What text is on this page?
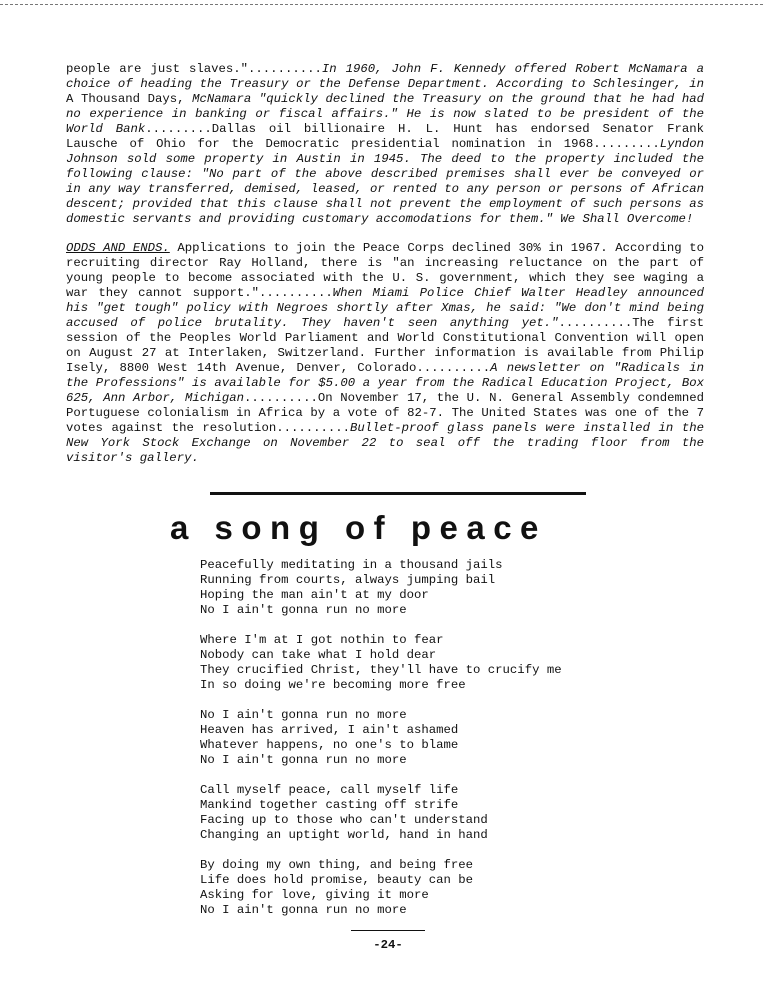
people are just slaves."..........In 1960, John F. Kennedy offered Robert McNamara a choice of heading the Treasury or the Defense Department. According to Schlesinger, in A Thousand Days, McNamara "quickly declined the Treasury on the ground that he had had no experience in banking or fiscal affairs." He is now slated to be president of the World Bank.........Dallas oil billionaire H. L. Hunt has endorsed Senator Frank Lausche of Ohio for the Democratic presidential nomination in 1968.........Lyndon Johnson sold some property in Austin in 1945. The deed to the property included the following clause: "No part of the above described premises shall ever be conveyed or in any way transferred, demised, leased, or rented to any person or persons of African descent; provided that this clause shall not prevent the employment of such persons as domestic servants and providing customary accomodations for them." We Shall Overcome!

ODDS AND ENDS. Applications to join the Peace Corps declined 30% in 1967. According to recruiting director Ray Holland, there is "an increasing reluctance on the part of young people to become associated with the U. S. government, which they see waging a war they cannot support."..........When Miami Police Chief Walter Headley announced his "get tough" policy with Negroes shortly after Xmas, he said: "We don't mind being accused of police brutality. They haven't seen anything yet."..........The first session of the Peoples World Parliament and World Constitutional Convention will open on August 27 at Interlaken, Switzerland. Further information is available from Philip Isely, 8800 West 14th Avenue, Denver, Colorado..........A newsletter on "Radicals in the Professions" is available for $5.00 a year from the Radical Education Project, Box 625, Ann Arbor, Michigan..........On November 17, the U. N. General Assembly condemned Portuguese colonialism in Africa by a vote of 82-7. The United States was one of the 7 votes against the resolution..........Bullet-proof glass panels were installed in the New York Stock Exchange on November 22 to seal off the trading floor from the visitor's gallery.

a song of peace
Peacefully meditating in a thousand jails
Running from courts, always jumping bail
Hoping the man ain't at my door
No I ain't gonna run no more
Where I'm at I got nothin to fear
Nobody can take what I hold dear
They crucified Christ, they'll have to crucify me
In so doing we're becoming more free
No I ain't gonna run no more
Heaven has arrived, I ain't ashamed
Whatever happens, no one's to blame
No I ain't gonna run no more
Call myself peace, call myself life
Mankind together casting off strife
Facing up to those who can't understand
Changing an uptight world, hand in hand
By doing my own thing, and being free
Life does hold promise, beauty can be
Asking for love, giving it more
No I ain't gonna run no more
-24-
